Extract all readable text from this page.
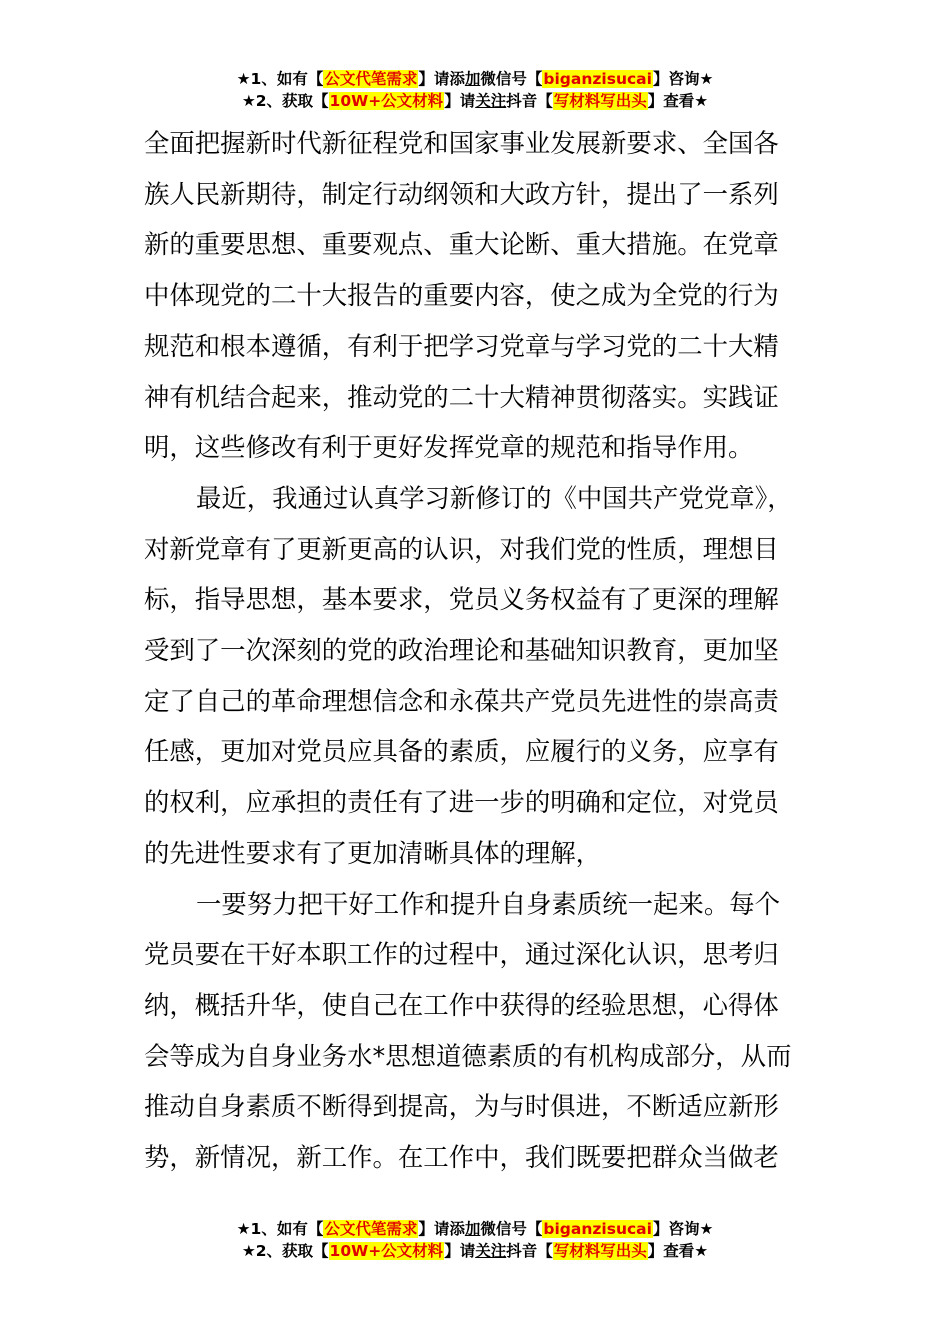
★1、如有【公文代笔需求】请添加微信号【biganzisucai】咨询★
★2、获取【10W+公文材料】请关注抖音【写材料写出头】查看★

全面把握新时代新征程党和国家事业发展新要求、全国各
族人民新期待，制定行动纲领和大政方针，提出了一系列
新的重要思想、重要观点、重大论断、重大措施。在党章
中体现党的二十大报告的重要内容，使之成为全党的行为
规范和根本遵循，有利于把学习党章与学习党的二十大精
神有机结合起来，推动党的二十大精神贯彻落实。实践证
明，这些修改有利于更好发挥党章的规范和指导作用。

最近，我通过认真学习新修订的《中国共产党党章》，
对新党章有了更新更高的认识，对我们党的性质，理想目
标，指导思想，基本要求，党员义务权益有了更深的理解
受到了一次深刻的党的政治理论和基础知识教育，更加坚
定了自己的革命理想信念和永葆共产党员先进性的崇高责
任感，更加对党员应具备的素质，应履行的义务，应享有
的权利，应承担的责任有了进一步的明确和定位，对党员
的先进性要求有了更加清晰具体的理解，

一要努力把干好工作和提升自身素质统一起来。每个
党员要在干好本职工作的过程中，通过深化认识，思考归
纳，概括升华，使自己在工作中获得的经验思想，心得体
会等成为自身业务水*思想道德素质的有机构成部分，从而
推动自身素质不断得到提高，为与时俱进，不断适应新形
势，新情况，新工作。在工作中，我们既要把群众当做老

★1、如有【公文代笔需求】请添加微信号【biganzisucai】咨询★
★2、获取【10W+公文材料】请关注抖音【写材料写出头】查看★
